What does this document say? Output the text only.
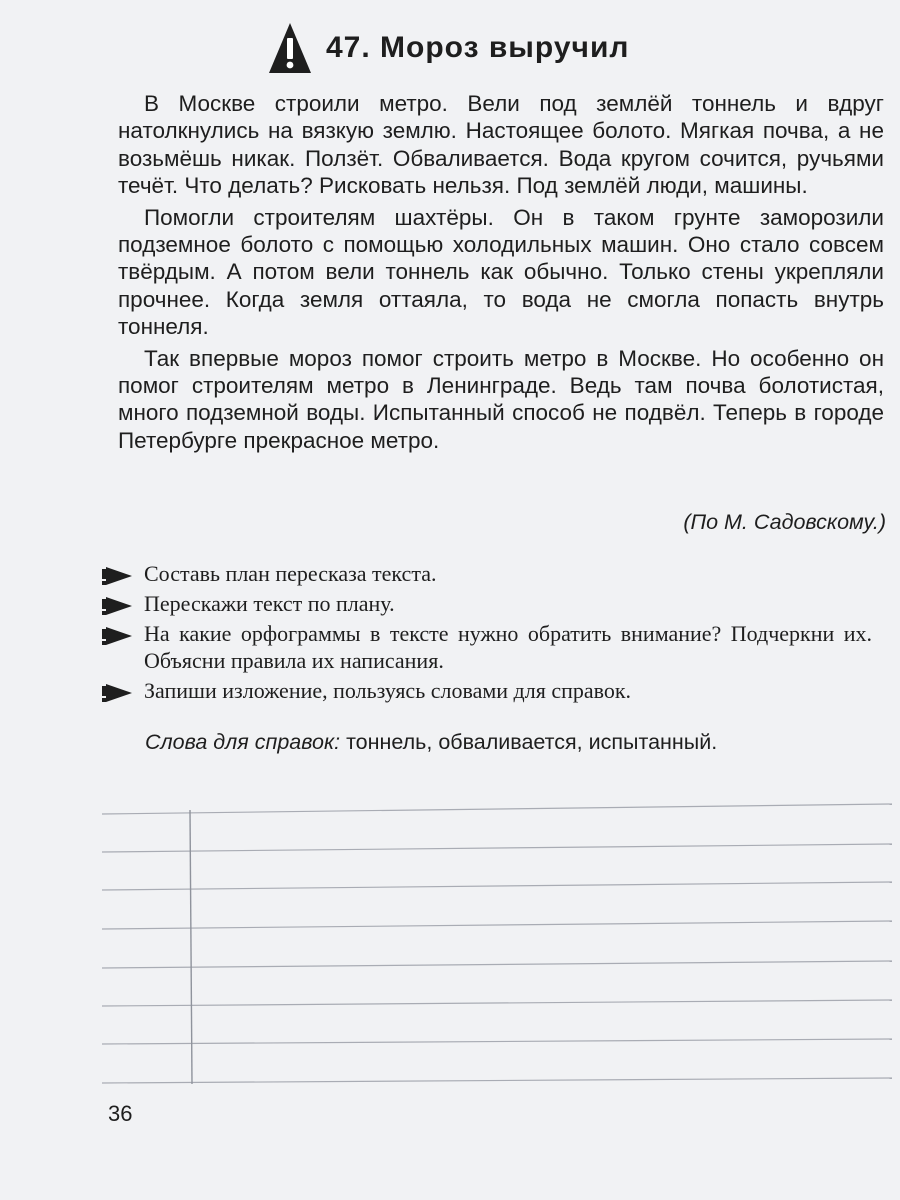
47. Мороз выручил

В Москве строили метро. Вели под землёй тоннель и вдруг натолкнулись на вязкую землю. Настоящее болото. Мягкая почва, а не возьмёшь никак. Ползёт. Обваливается. Вода кругом сочится, ручьями течёт. Что делать? Рисковать нельзя. Под землёй люди, машины.

Помогли строителям шахтёры. Он в таком грунте заморозили подземное болото с помощью холодильных машин. Оно стало совсем твёрдым. А потом вели тоннель как обычно. Только стены укрепляли прочнее. Когда земля оттаяла, то вода не смогла попасть внутрь тоннеля.

Так впервые мороз помог строить метро в Москве. Но особенно он помог строителям метро в Ленинграде. Ведь там почва болотистая, много подземной воды. Испытанный способ не подвёл. Теперь в городе Петербурге прекрасное метро.

(По М. Садовскому.)
Составь план пересказа текста.
Перескажи текст по плану.
На какие орфограммы в тексте нужно обратить внимание? Подчеркни их. Объясни правила их написания.
Запиши изложение, пользуясь словами для справок.
Слова для справок: тоннель, обваливается, испытанный.
36
